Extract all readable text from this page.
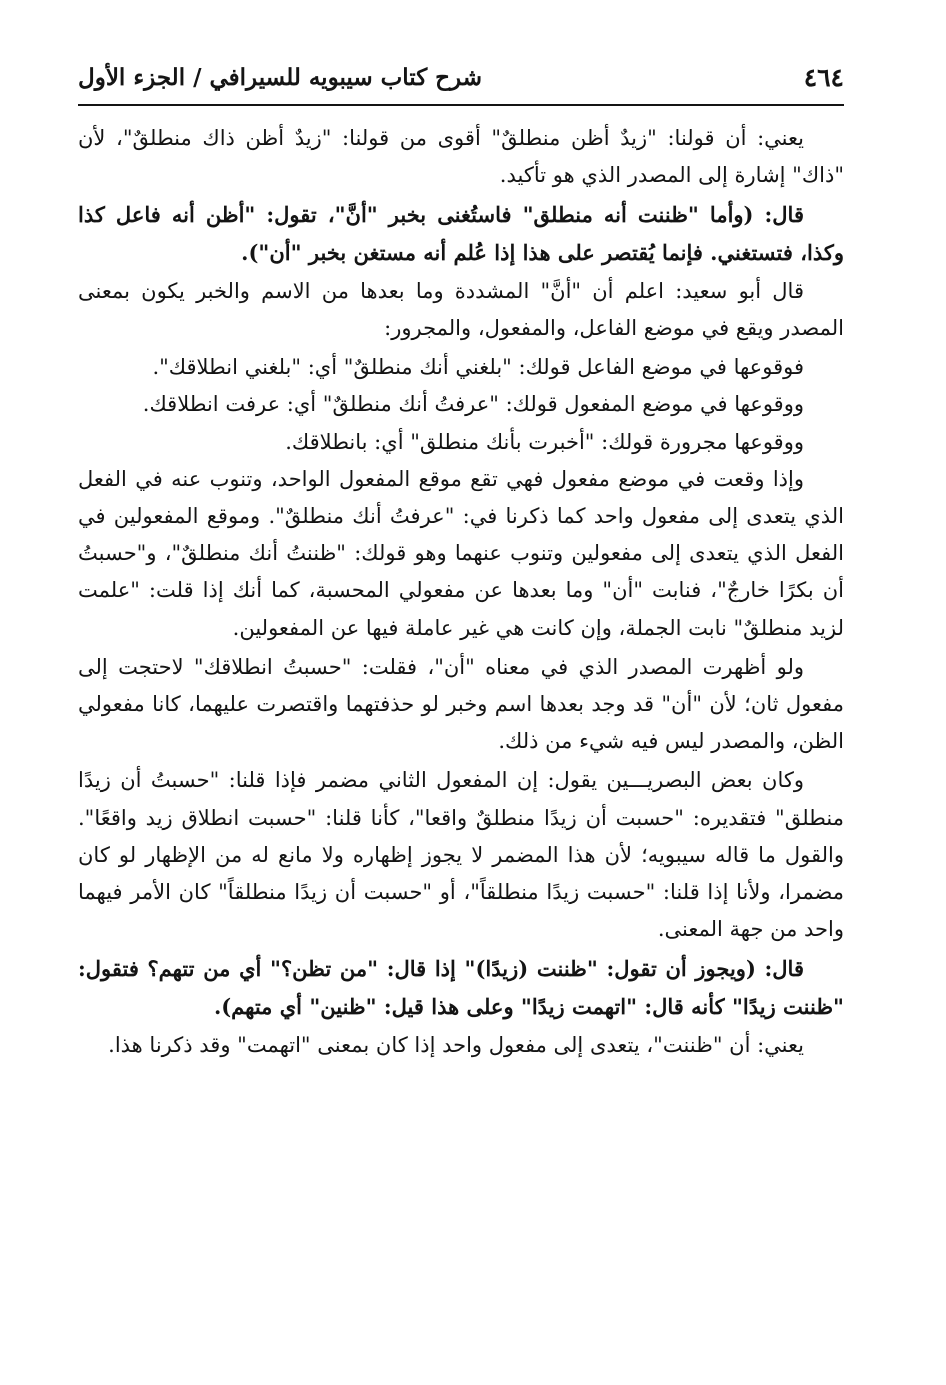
٤٦٤
شرح كتاب سيبويه للسيرافي / الجزء الأول

يعني: أن قولنا: "زيدٌ أظن منطلقٌ" أقوى من قولنا: "زيدٌ أظن ذاك منطلقٌ"، لأن "ذاك" إشارة إلى المصدر الذي هو تأكيد.

قال: (وأما "ظننت أنه منطلق" فاستُغنى بخبر "أنَّ"، تقول: "أظن أنه فاعل كذا وكذا، فتستغني. فإنما يُقتصر على هذا إذا عُلم أنه مستغن بخبر "أن").

قال أبو سعيد: اعلم أن "أنَّ" المشددة وما بعدها من الاسم والخبر يكون بمعنى المصدر ويقع في موضع الفاعل، والمفعول، والمجرور:

فوقوعها في موضع الفاعل قولك: "بلغني أنك منطلقٌ" أي: "بلغني انطلاقك".

ووقوعها في موضع المفعول قولك: "عرفتُ أنك منطلقٌ" أي: عرفت انطلاقك.

ووقوعها مجرورة قولك: "أخبرت بأنك منطلق" أي: بانطلاقك.

وإذا وقعت في موضع مفعول فهي تقع موقع المفعول الواحد، وتنوب عنه في الفعل الذي يتعدى إلى مفعول واحد كما ذكرنا في: "عرفتُ أنك منطلقٌ". وموقع المفعولين في الفعل الذي يتعدى إلى مفعولين وتنوب عنهما وهو قولك: "ظننتُ أنك منطلقٌ"، و"حسبتُ أن بكرًا خارجٌ"، فنابت "أن" وما بعدها عن مفعولي المحسبة، كما أنك إذا قلت: "علمت لزيد منطلقٌ" نابت الجملة، وإن كانت هي غير عاملة فيها عن المفعولين.

ولو أظهرت المصدر الذي في معناه "أن"، فقلت: "حسبتُ انطلاقك" لاحتجت إلى مفعول ثان؛ لأن "أن" قد وجد بعدها اسم وخبر لو حذفتهما واقتصرت عليهما، كانا مفعولي الظن، والمصدر ليس فيه شيء من ذلك.

وكان بعض البصريـــين يقول: إن المفعول الثاني مضمر فإذا قلنا: "حسبتُ أن زيدًا منطلق" فتقديره: "حسبت أن زيدًا منطلقٌ واقعا"، كأنا قلنا: "حسبت انطلاق زيد واقعًا". والقول ما قاله سيبويه؛ لأن هذا المضمر لا يجوز إظهاره ولا مانع له من الإظهار لو كان مضمرا، ولأنا إذا قلنا: "حسبت زيدًا منطلقاً"، أو "حسبت أن زيدًا منطلقاً" كان الأمر فيهما واحد من جهة المعنى.

قال: (ويجوز أن تقول: "ظننت (زيدًا)" إذا قال: "من تظن؟" أي من تتهم؟ فتقول: "ظننت زيدًا" كأنه قال: "اتهمت زيدًا" وعلى هذا قيل: "ظنين" أي متهم).

يعني: أن "ظننت"، يتعدى إلى مفعول واحد إذا كان بمعنى "اتهمت" وقد ذكرنا هذا.
